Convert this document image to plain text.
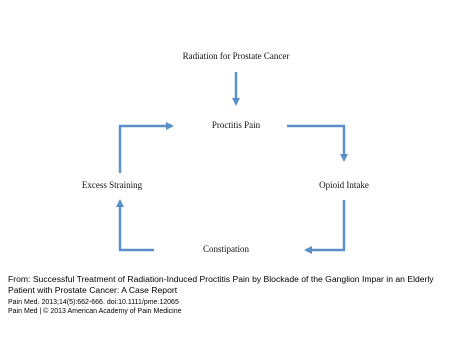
Radiation for Prostate Cancer
Proctitis Pain
Opioid Intake
Constipation
Excess Straining

From: Successful Treatment of Radiation-Induced Proctitis Pain by Blockade of the Ganglion Impar in an Elderly Patient with Prostate Cancer: A Case Report

Pain Med. 2013;14(5):662-666. doi:10.1111/pme.12065

Pain Med | © 2013 American Academy of Pain Medicine
